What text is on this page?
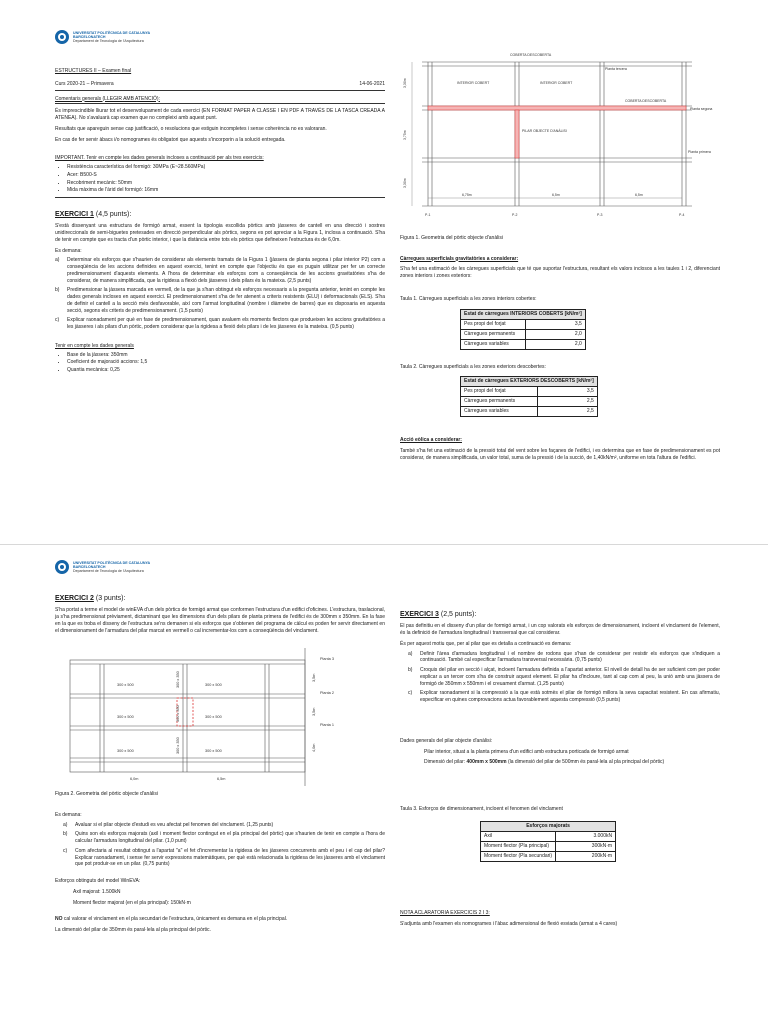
UNIVERSITAT POLITÈCNICA DE CATALUNYA
BARCELONATECH
Departament de Tecnologia de l'Arquitectura
ESTRUCTURES II – Examen final
Curs 2020-21 – Primavera	14-06-2021
Comentaris generals (LLEGIR AMB ATENCIÓ):
És imprescindible lliurar tot el desenvolupament de cada exercici (EN FORMAT PAPER A CLASSE I EN PDF A TRAVÉS DE LA TASCA CREADA A ATENEA). No s'avaluarà cap examen que no compleixi amb aquest punt.
Resultats que apareguin sense cap justificació, o resolucions que estiguin incompletes i sense coherència no es valoraran.
En cas de fer servir àbacs i/o nomogrames és obligatori que aquests s'incorporin a la solució entregada.
IMPORTANT. Tenir en compte les dades generals incloses a continuació per als tres exercicis:
• Resistència característica del formigó: 30MPa (E~28.560MPa)
• Acer: B500-S
• Recobriment mecànic: 50mm
• Mida màxima de l'àrid del formigó: 16mm
EXERCICI 1 (4,5 punts):
S'està dissenyant una estructura de formigó armat, essent la tipologia escollida pòrtics amb jàsseres de cantell en una direcció i sostres unidireccionals de semi-biguetes pretesades en direcció perpendicular als pòrtics, segons es pot apreciar a la Figura 1, inclosa a continuació. S'ha de tenir en compte que es tracta d'un pòrtic interior, i que la distància entre tots els pòrtics que defineixen l'estructura és de 6,0m.
Es demana:
a)	Determinar els esforços que s'haurien de considerar als elements tramats de la Figura 1 (jàssera de planta segona i pilar interior P2) com a conseqüència de les accions definides en aquest exercici, tenint en compte que l'objectiu és que es puguin utilitzar per fer un correcte predimensionament d'aquests elements. A l'hora de determinar els esforços com a conseqüència de les accions gravitatòries s'ha de considerar, de manera simplificada, que la rigidesa a flexió dels jàsseres i dels pilars és la mateixa. (2,5 punts)
b)	Predimensionar la jàssera marcada en vermell, de la que ja s'han obtingut els esforços necessaris a la pregunta anterior, tenint en compte les dades generals incloses en aquest exercici. El predimensionament s'ha de fer atenent a criteris resistents (ELU) i deformacionals (ELS). S'ha de definir el cantell a la secció més desfavorable, així com l'armat longitudinal (nombre i diàmetre de barres) que es disposaria en aquesta secció, segons els criteris de predimensionament. (1,5 punts)
c)	Explicar raonadament per què en fase de predimensionament, quan avaluem els moments flectors que produeixen les accions gravitatòries a les jàsseres i als pilars d'un pòrtic, podem considerar que la rigidesa a flexió dels pilars i de les jàsseres és la mateixa. (0,5 punts)
Tenir en compte les dades generals
• Base de la jàssera: 350mm
• Coeficient de majoració accions: 1,5
• Quantia mecànica: 0,25
COBERTA DESCOBERTA
Planta tercera
INTERIOR COBERT	INTERIOR COBERT
COBERTA DESCOBERTA
Planta segona
PILAR OBJECTE D'ANÀLISI
Planta primera
3,30m
3,75m
3,30m
6,75m	6,5m	6,5m
P-1	P-2	P-3	P-4
Figura 1. Geometria del pòrtic objecte d'anàlisi
Càrregues superficials gravitatòries a considerar:
S'ha fet una estimació de les càrregues superficials que té que suportar l'estructura, resultant els valors inclosos a les taules 1 i 2, diferenciant zones interiors i zones exteriors:
Taula 1. Càrregues superficials a les zones interiors cobertes:
Estat de càrregues INTERIORS COBERTS [kN/m²]	
Pes propi del forjat	3,5
Càrregues permanents	2,0
Càrregues variables	2,0
Taula 2. Càrregues superficials a les zones exteriors descobertes:
Estat de càrregues EXTERIORS DESCOBERTS [kN/m²]	
Pes propi del forjat	3,5
Càrregues permanents	2,5
Càrregues variables	2,5
Acció eòlica a considerar:
També s'ha fet una estimació de la pressió total del vent sobre les façanes de l'edifici, i es determina que en fase de predimensionament es pot considerar, de manera simplificada, un valor total, suma de la pressió i de la succió, de 1,40kN/m², uniforme en tota l'altura de l'edifici.
UNIVERSITAT POLITÈCNICA DE CATALUNYA
BARCELONATECH
Departament de Tecnologia de l'Arquitectura
EXERCICI 2 (3 punts):
S'ha portat a terme el model de winEVA d'un dels pòrtics de formigó armat que conformen l'estructura d'un edifici d'oficines. L'estructura, traslacional, ja s'ha predimensionat prèviament, dictaminant que les dimensions d'un dels pilars de planta primera de l'edifici és de 300mm x 350mm. En la fase en la que es troba el disseny de l'estructura se'ns demanen si els esforços que s'obtenen del programa de càlcul es poden fer servir directament en el dimensionament de l'armadura del pilar marcat en vermell o cal incrementar-los com a conseqüència del vinclament.
Planta 3
Planta 2
Planta 1
300 x 500	300 x 500
300 x 500	300 x 500
300 x 500	300 x 500
300 x 350
300 x 350
300 x 350
6,0m	6,5m
3,5m
3,5m
4,0m
Figura 2. Geometria del pòrtic objecte d'anàlisi
Es demana:
a)	Avaluar si el pilar objecte d'estudi es veu afectat pel fenomen del vinclament. (1,25 punts)
b)	Quins son els esforços majorats (axil i moment flector contingut en el pla principal del pòrtic) que s'haurien de tenir en compte a l'hora de calcular l'armadura longitudinal del pilar. (1,0 punt)
c)	Com afectaria al resultat obtingut a l'apartat "a" el fet d'incrementar la rigidesa de les jàsseres concurrents amb el peu i el cap del pilar? Explicar raonadament, i sense fer servir expressions matemàtiques, per què està relacionada la rigidesa de les jàsseres amb el vinclament que pot produir-se en un pilar. (0,75 punts)
Esforços obtinguts del model WinEVA:
Axil majorat: 1.500kN
Moment flector majorat (en el pla principal): 150kN·m
NO cal valorar el vinclament en el pla secundari de l'estructura, únicament es demana en el pla principal.
La dimensió del pilar de 350mm és paral·lela al pla principal del pòrtic.
EXERCICI 3 (2,5 punts):
El pas definitiu en el disseny d'un pilar de formigó armat, i un cop valorats els esforços de dimensionament, incloent el vinclament de l'element, és la definició de l'armadura longitudinal i transversal que cal considerar.
És per aquest motiu que, per al pilar que es detalla a continuació es demana:
a)	Definir l'àrea d'armadura longitudinal i el nombre de rodons que s'han de considerar per resistir els esforços que s'indiquen a continuació. També cal especificar l'armadura transversal necessària. (0,75 punts)
b)	Croquis del pilar en secció i alçat, incloent l'armadura definida a l'apartat anterior. El nivell de detall ha de ser suficient com per poder explicar a un tercer com s'ha de construir aquest element. El pilar ha d'incloure, tant al cap com al peu, la unió amb una jàssera de formigó de 350mm x 550mm i el creuament d'armat. (1,25 punts)
c)	Explicar raonadament si la compressió a la que està sotmès el pilar de formigó millora la seva capacitat resistent. En cas afirmatiu, especificar en quines comprovacions actua favorablement aquesta compressió (0,5 punts)
Dades generals del pilar objecte d'anàlisi:
Pilar interior, situat a la planta primera d'un edifici amb estructura porticada de formigó armat
Dimensió del pilar: 400mm x 500mm (la dimensió del pilar de 500mm és paral·lela al pla principal del pòrtic)
Taula 3. Esforços de dimensionament, incloent el fenomen del vinclament
Esforços majorats	
Axil	3.000kN
Moment flector (Pla principal)	300kN·m
Moment flector (Pla secundari)	200kN·m
NOTA ACLARATORIA EXERCICIS 2 I 3:
S'adjunta amb l'examen els nomogrames i l'àbac adimensional de flexió esviada (armat a 4 cares)
